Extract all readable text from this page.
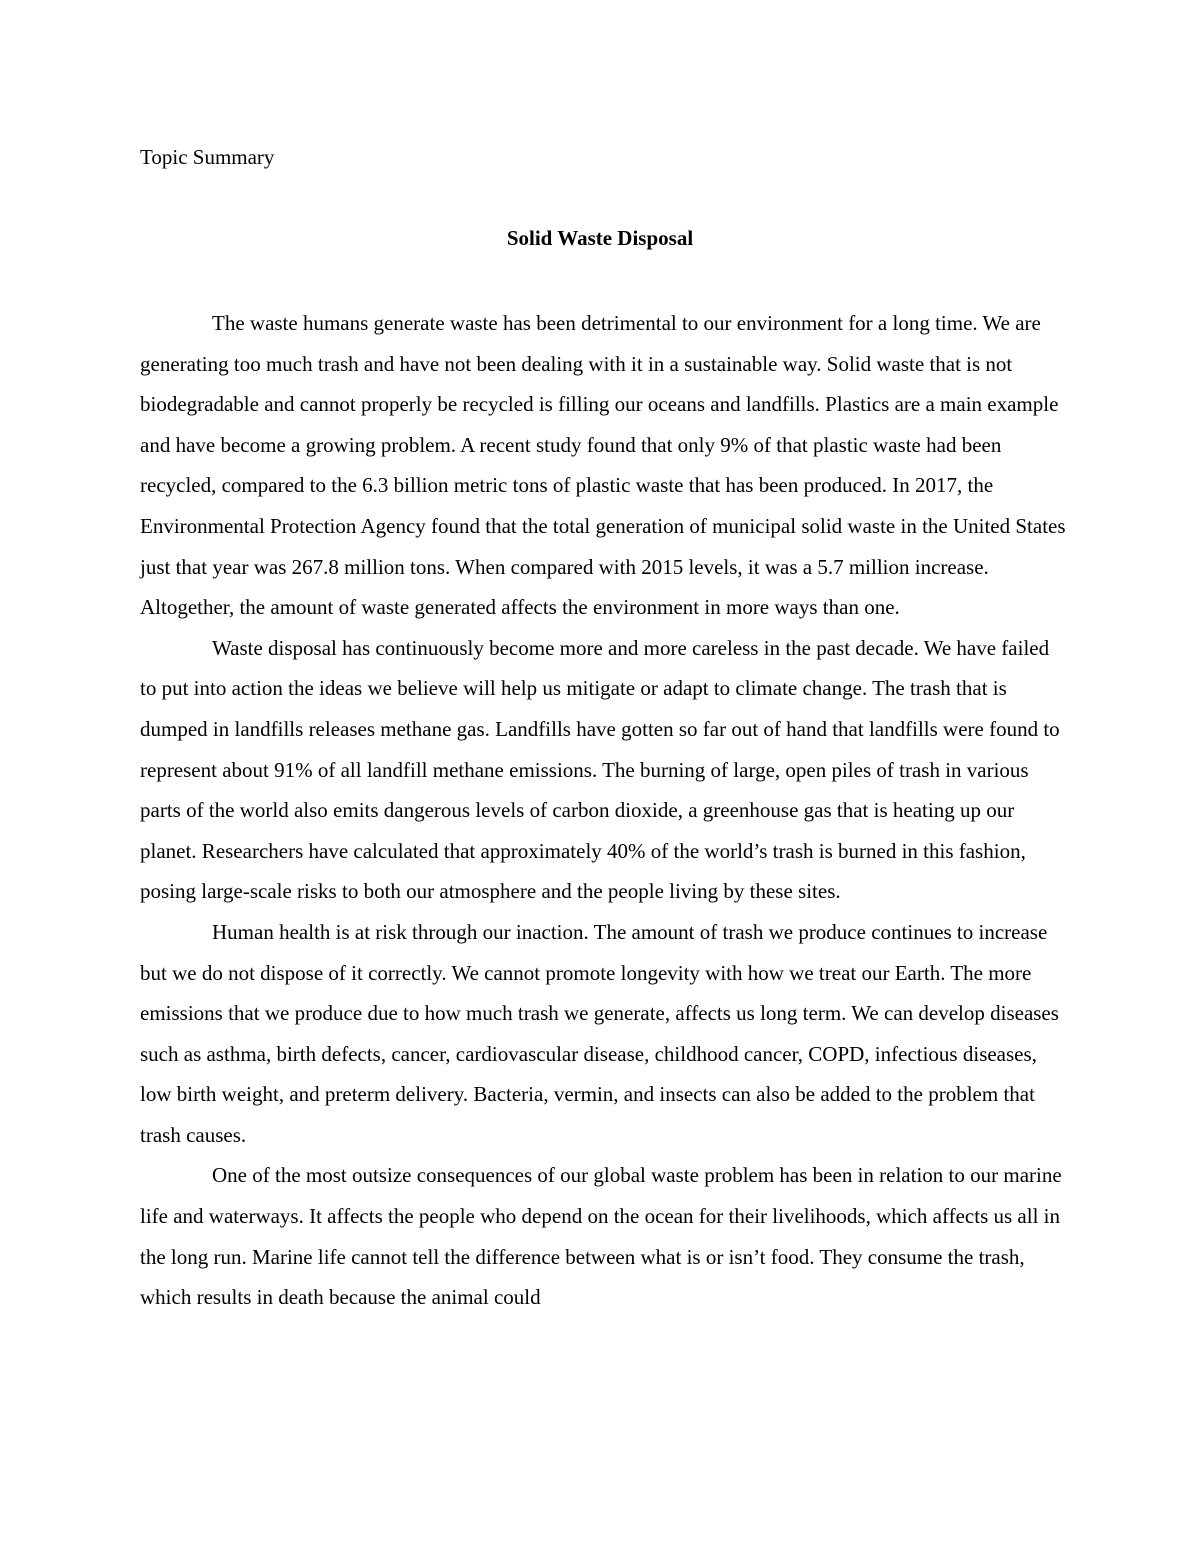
Topic Summary
Solid Waste Disposal

The waste humans generate waste has been detrimental to our environment for a long time. We are generating too much trash and have not been dealing with it in a sustainable way. Solid waste that is not biodegradable and cannot properly be recycled is filling our oceans and landfills. Plastics are a main example and have become a growing problem. A recent study found that only 9% of that plastic waste had been recycled, compared to the 6.3 billion metric tons of plastic waste that has been produced. In 2017, the Environmental Protection Agency found that the total generation of municipal solid waste in the United States just that year was 267.8 million tons. When compared with 2015 levels, it was a 5.7 million increase. Altogether, the amount of waste generated affects the environment in more ways than one.

Waste disposal has continuously become more and more careless in the past decade. We have failed to put into action the ideas we believe will help us mitigate or adapt to climate change. The trash that is dumped in landfills releases methane gas. Landfills have gotten so far out of hand that landfills were found to represent about 91% of all landfill methane emissions. The burning of large, open piles of trash in various parts of the world also emits dangerous levels of carbon dioxide, a greenhouse gas that is heating up our planet. Researchers have calculated that approximately 40% of the world’s trash is burned in this fashion, posing large-scale risks to both our atmosphere and the people living by these sites.

Human health is at risk through our inaction. The amount of trash we produce continues to increase but we do not dispose of it correctly. We cannot promote longevity with how we treat our Earth. The more emissions that we produce due to how much trash we generate, affects us long term. We can develop diseases such as asthma, birth defects, cancer, cardiovascular disease, childhood cancer, COPD, infectious diseases, low birth weight, and preterm delivery. Bacteria, vermin, and insects can also be added to the problem that trash causes.

One of the most outsize consequences of our global waste problem has been in relation to our marine life and waterways. It affects the people who depend on the ocean for their livelihoods, which affects us all in the long run. Marine life cannot tell the difference between what is or isn’t food. They consume the trash, which results in death because the animal could
